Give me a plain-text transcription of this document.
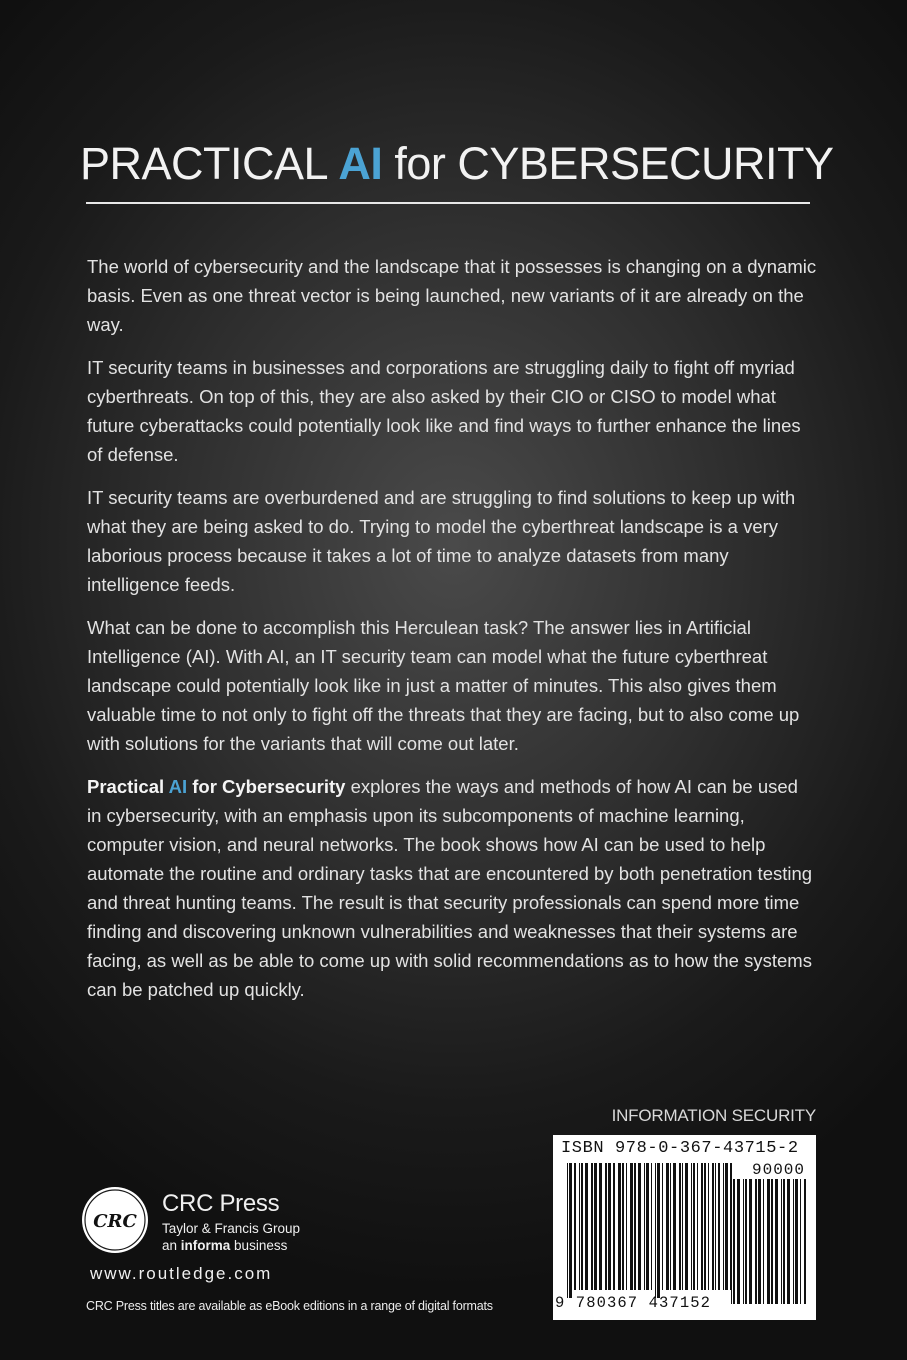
PRACTICAL AI for CYBERSECURITY

The world of cybersecurity and the landscape that it possesses is changing on a dynamic basis. Even as one threat vector is being launched, new variants of it are already on the way.

IT security teams in businesses and corporations are struggling daily to fight off myriad cyberthreats. On top of this, they are also asked by their CIO or CISO to model what future cyberattacks could potentially look like and find ways to further enhance the lines of defense.

IT security teams are overburdened and are struggling to find solutions to keep up with what they are being asked to do. Trying to model the cyberthreat landscape is a very laborious process because it takes a lot of time to analyze datasets from many intelligence feeds.

What can be done to accomplish this Herculean task? The answer lies in Artificial Intelligence (AI). With AI, an IT security team can model what the future cyberthreat landscape could potentially look like in just a matter of minutes. This also gives them valuable time to not only to fight off the threats that they are facing, but to also come up with solutions for the variants that will come out later.

Practical AI for Cybersecurity explores the ways and methods of how AI can be used in cybersecurity, with an emphasis upon its subcomponents of machine learning, computer vision, and neural networks. The book shows how AI can be used to help automate the routine and ordinary tasks that are encountered by both penetration testing and threat hunting teams. The result is that security professionals can spend more time finding and discovering unknown vulnerabilities and weaknesses that their systems are facing, as well as be able to come up with solid recommendations as to how the systems can be patched up quickly.

INFORMATION SECURITY
ISBN 978-0-367-43715-2
90000
9 780367 437152
CRC
CRC Press
Taylor & Francis Group
an informa business
www.routledge.com
CRC Press titles are available as eBook editions in a range of digital formats
